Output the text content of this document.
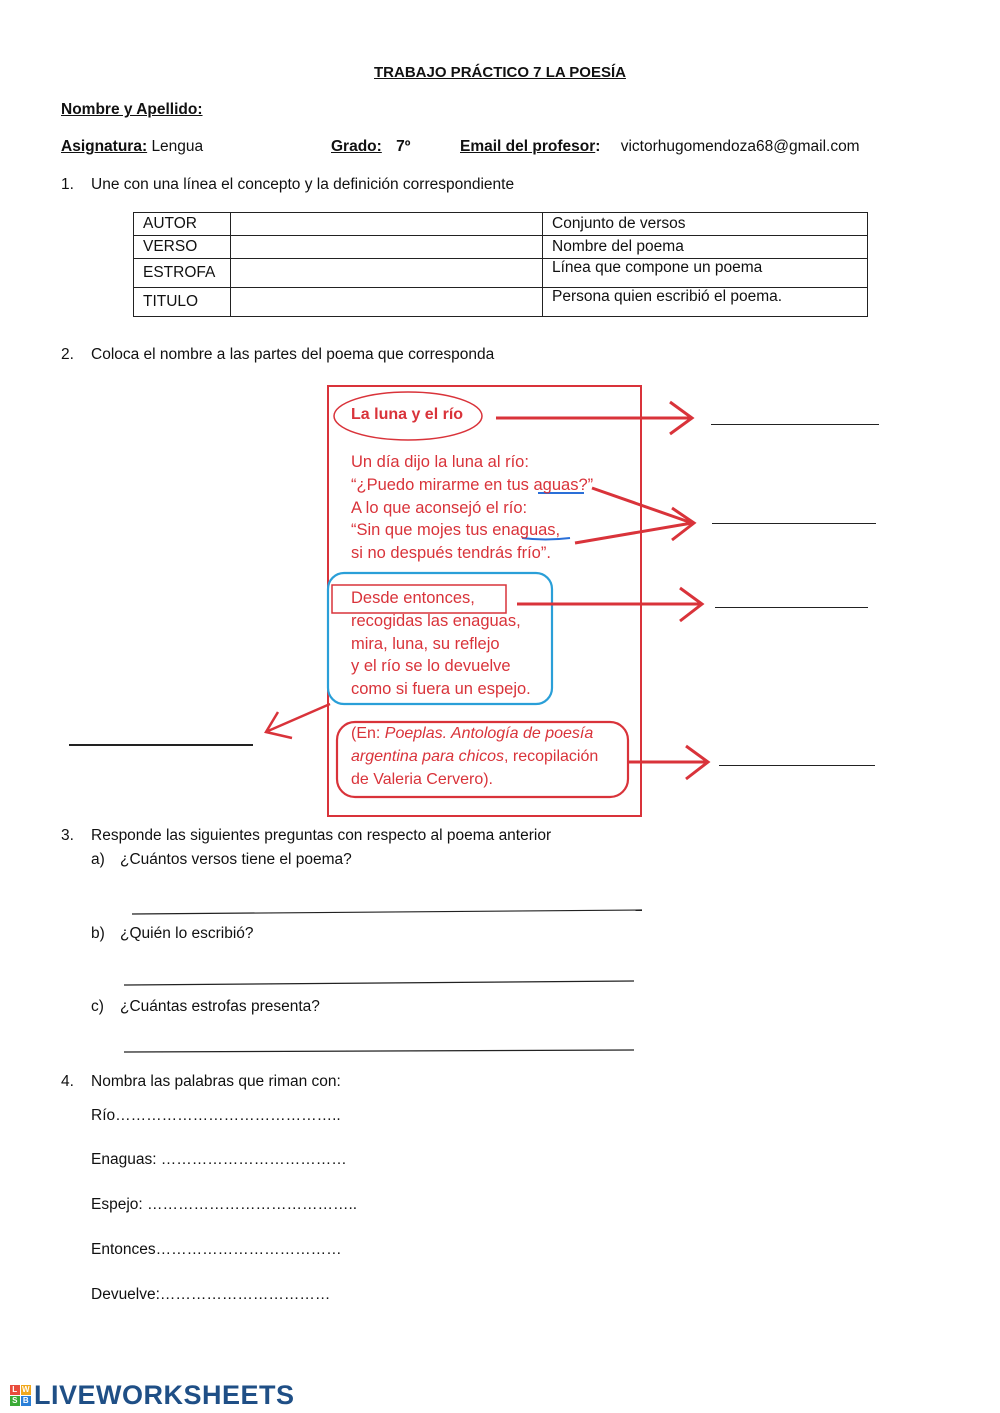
TRABAJO PRÁCTICO 7 LA POESÍA
Nombre y Apellido:
Asignatura: Lengua	Grado: 7º	Email del profesor: victorhugomendoza68@gmail.com
1. Une con una línea el concepto y la definición correspondiente
AUTOR		Conjunto de versos
VERSO		Nombre del poema
ESTROFA		Línea que compone un poema
TITULO		Persona quien escribió el poema.
2. Coloca el nombre a las partes del poema que corresponda
La luna y el río
Un día dijo la luna al río:
“¿Puedo mirarme en tus aguas?”
A lo que aconsejó el río:
“Sin que mojes tus enaguas,
si no después tendrás frío”.
Desde entonces,
recogidas las enaguas,
mira, luna, su reflejo
y el río se lo devuelve
como si fuera un espejo.
(En: Poeplas. Antología de poesía
argentina para chicos, recopilación
de Valeria Cervero).
3. Responde las siguientes preguntas con respecto al poema anterior
a) ¿Cuántos versos tiene el poema?
b) ¿Quién lo escribió?
c) ¿Cuántas estrofas presenta?
4. Nombra las palabras que riman con:
Río……………………………………..
Enaguas: ………………………………
Espejo: …………………………………..
Entonces………………………………
Devuelve:……………………………
L W
S B LIVEWORKSHEETS
